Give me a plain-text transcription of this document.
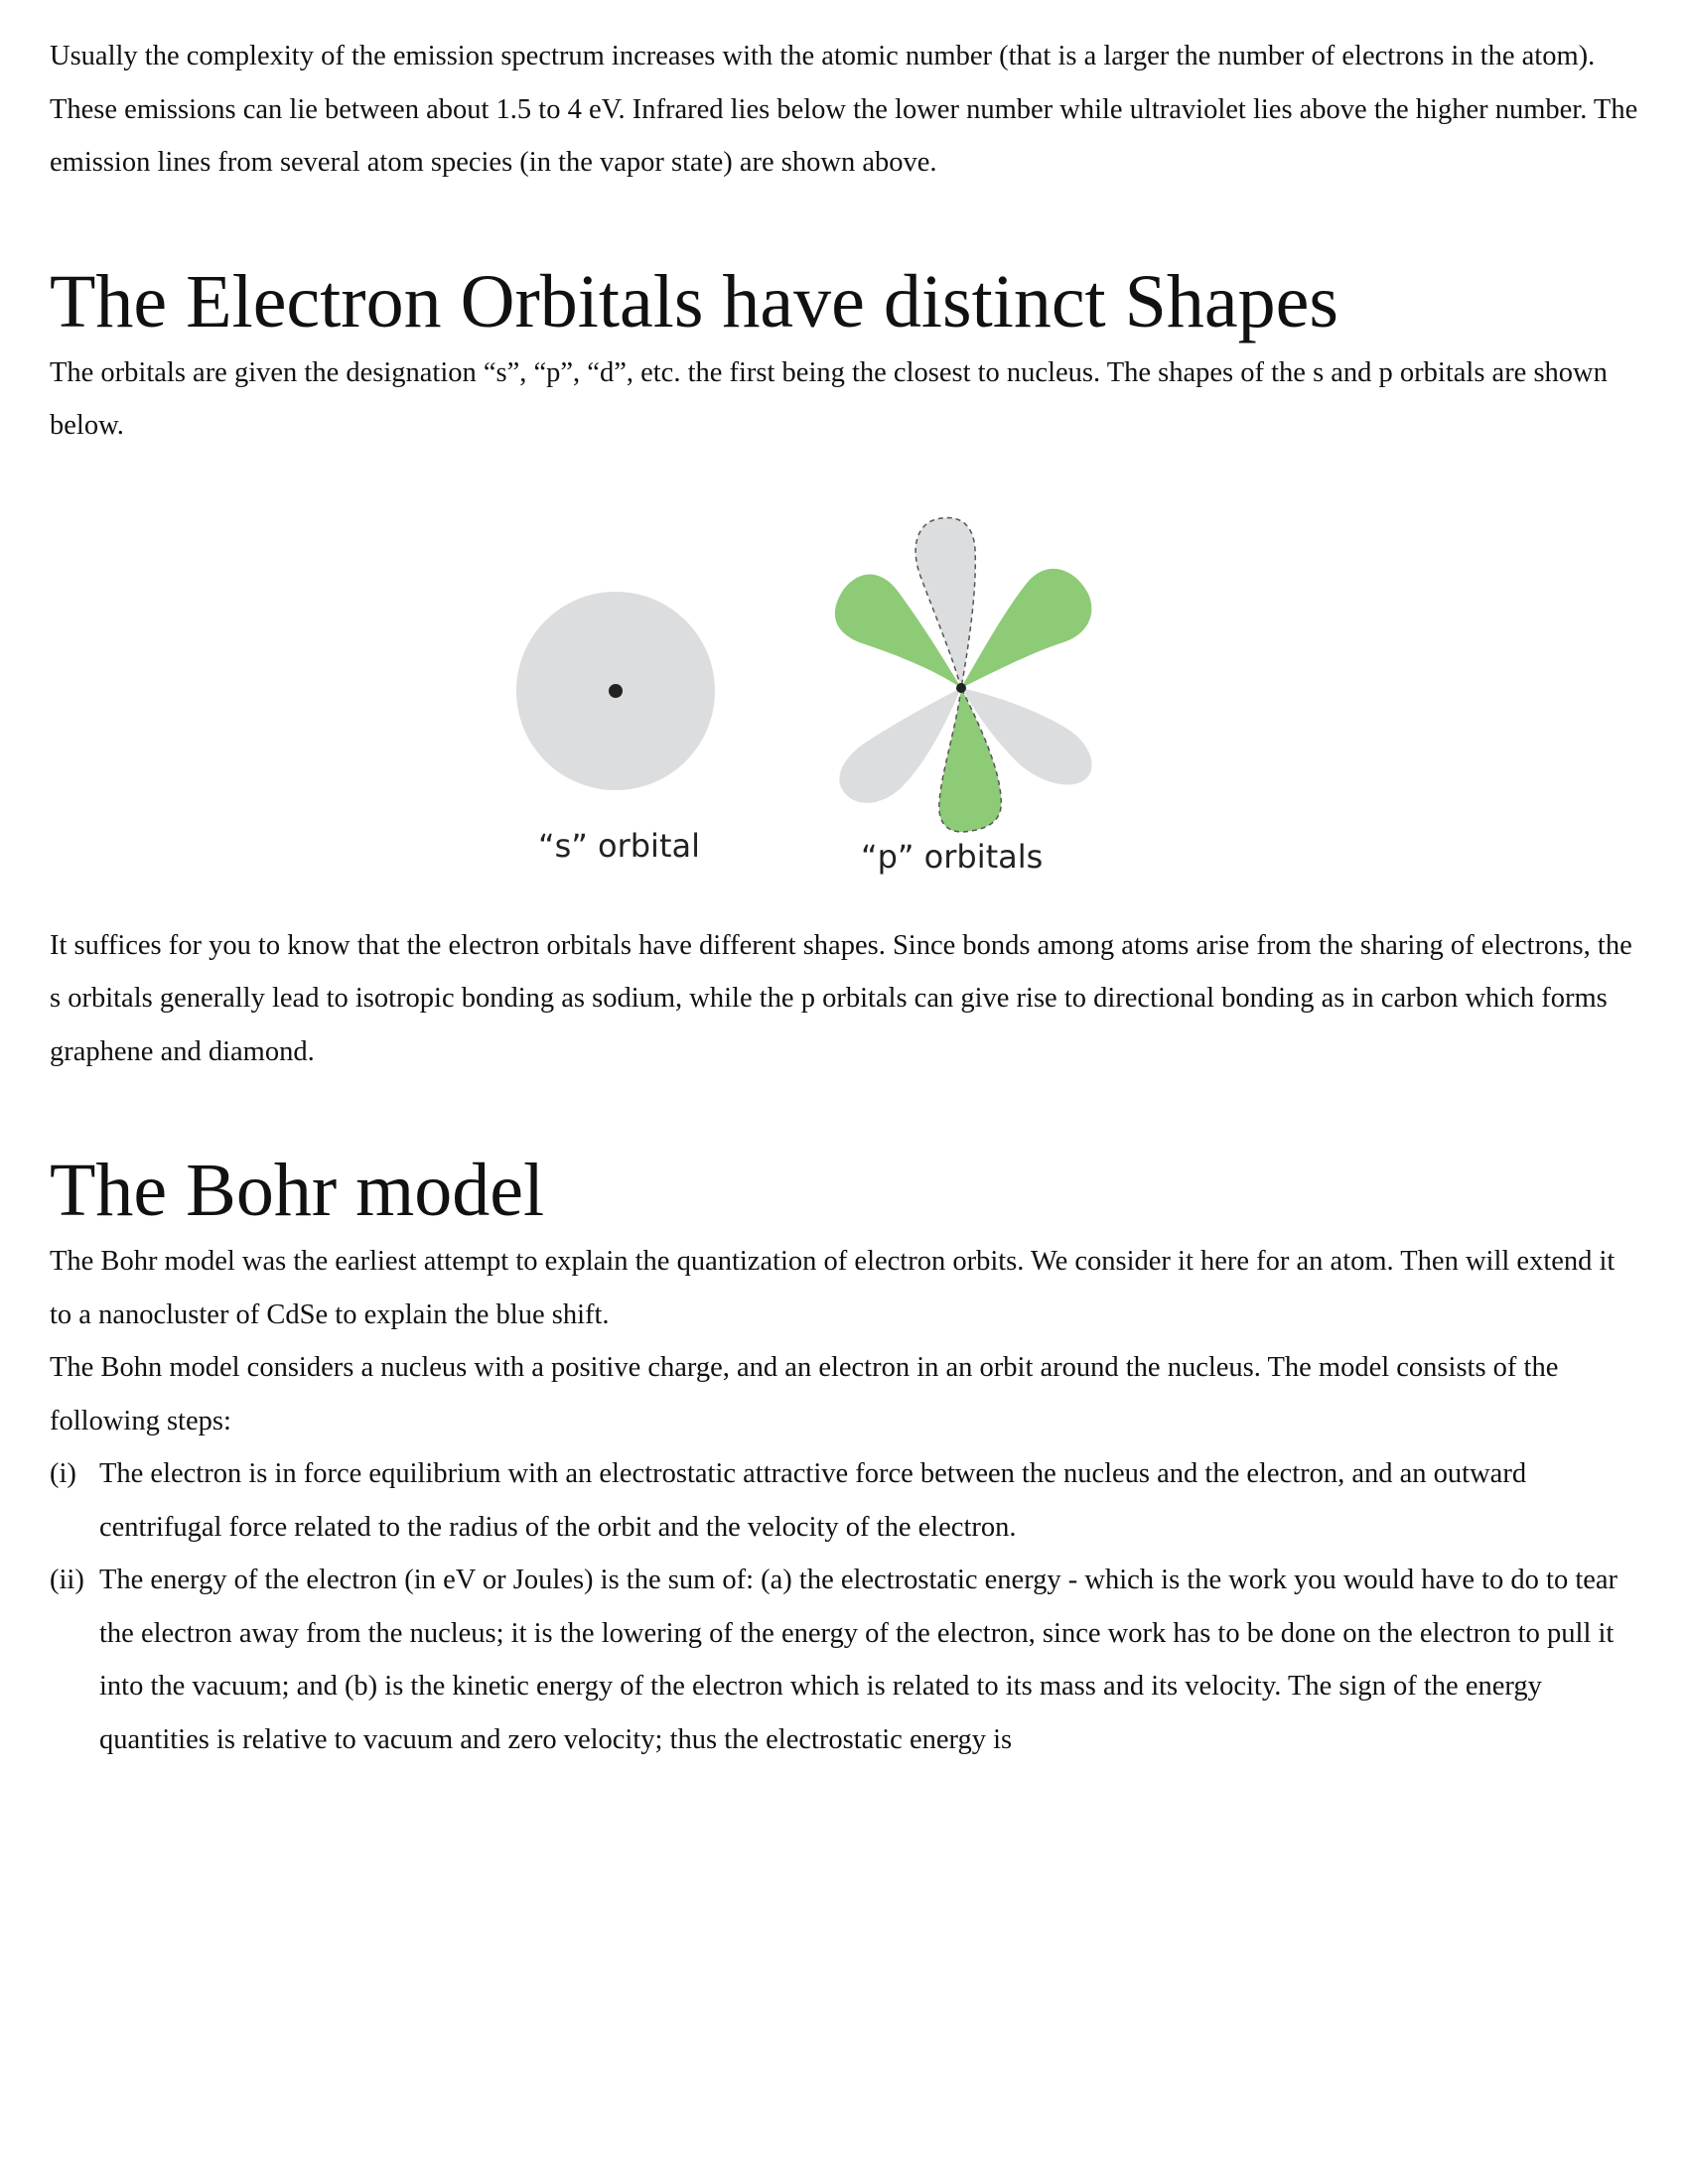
Usually the complexity of the emission spectrum increases with the atomic number (that is a larger the number of electrons in the atom). These emissions can lie between about 1.5 to 4 eV. Infrared lies below the lower number while ultraviolet lies above the higher number. The emission lines from several atom species (in the vapor state) are shown above.

The Electron Orbitals have distinct Shapes

The orbitals are given the designation “s”, “p”, “d”, etc. the first being the closest to nucleus. The shapes of the s and p orbitals are shown below.

“s” orbital	“p” orbitals

It suffices for you to know that the electron orbitals have different shapes. Since bonds among atoms arise from the sharing of electrons, the s orbitals generally lead to isotropic bonding as sodium, while the p orbitals can give rise to directional bonding as in carbon which forms graphene and diamond.

The Bohr model

The Bohr model was the earliest attempt to explain the quantization of electron orbits. We consider it here for an atom. Then will extend it to a nanocluster of CdSe to explain the blue shift.

The Bohn model considers a nucleus with a positive charge, and an electron in an orbit around the nucleus. The model consists of the following steps:

(i) The electron is in force equilibrium with an electrostatic attractive force between the nucleus and the electron, and an outward centrifugal force related to the radius of the orbit and the velocity of the electron.
(ii) The energy of the electron (in eV or Joules) is the sum of: (a) the electrostatic energy - which is the work you would have to do to tear the electron away from the nucleus; it is the lowering of the energy of the electron, since work has to be done on the electron to pull it into the vacuum; and (b) is the kinetic energy of the electron which is related to its mass and its velocity. The sign of the energy quantities is relative to vacuum and zero velocity; thus the electrostatic energy is
